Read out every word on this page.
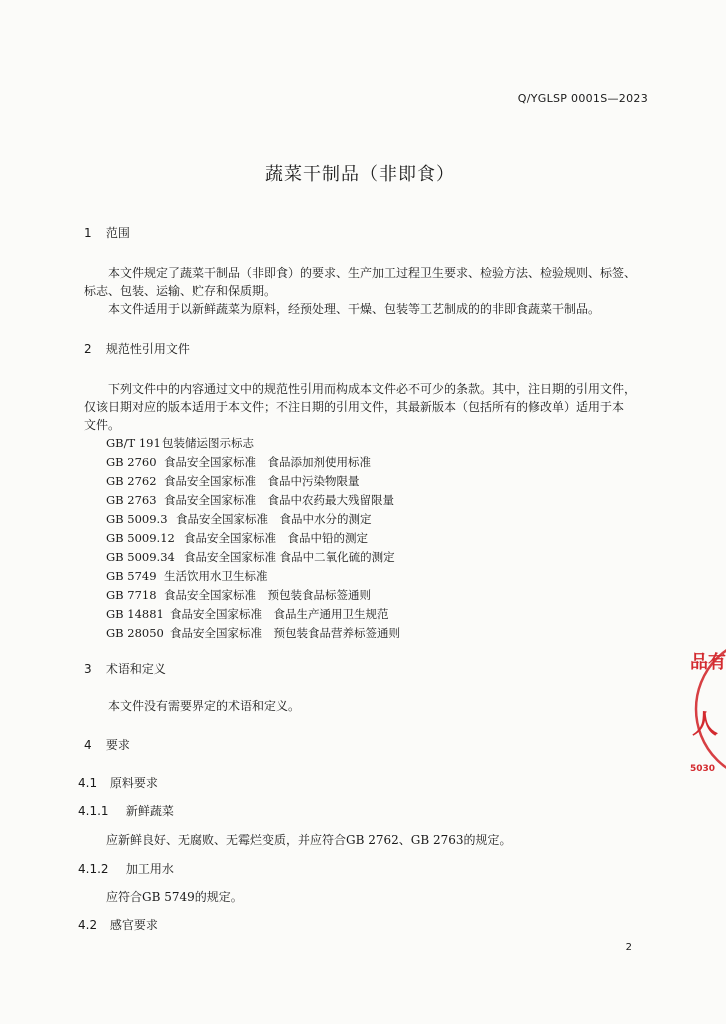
Q/YGLSP 0001S—2023
蔬菜干制品（非即食）
1 范围
本文件规定了蔬菜干制品（非即食）的要求、生产加工过程卫生要求、检验方法、检验规则、标签、
标志、包装、运输、贮存和保质期。
本文件适用于以新鲜蔬菜为原料，经预处理、干燥、包装等工艺制成的的非即食蔬菜干制品。
2 规范性引用文件
下列文件中的内容通过文中的规范性引用而构成本文件必不可少的条款。其中，注日期的引用文件，
仅该日期对应的版本适用于本文件；不注日期的引用文件，其最新版本（包括所有的修改单）适用于本
文件。
GB/T 191包装储运图示标志
GB 2760 食品安全国家标准　食品添加剂使用标准
GB 2762 食品安全国家标准　食品中污染物限量
GB 2763 食品安全国家标准　食品中农药最大残留限量
GB 5009.3 食品安全国家标准　食品中水分的测定
GB 5009.12 食品安全国家标准　食品中铅的测定
GB 5009.34 食品安全国家标准 食品中二氧化硫的测定
GB 5749 生活饮用水卫生标准
GB 7718 食品安全国家标准　预包装食品标签通则
GB 14881 食品安全国家标准　食品生产通用卫生规范
GB 28050 食品安全国家标准　预包装食品营养标签通则
3 术语和定义
本文件没有需要界定的术语和定义。
4 要求
4.1 原料要求
4.1.1 新鲜蔬菜
应新鲜良好、无腐败、无霉烂变质，并应符合GB 2762、GB 2763的规定。
4.1.2 加工用水
应符合GB 5749的规定。
4.2 感官要求
品有
人
5030
2
